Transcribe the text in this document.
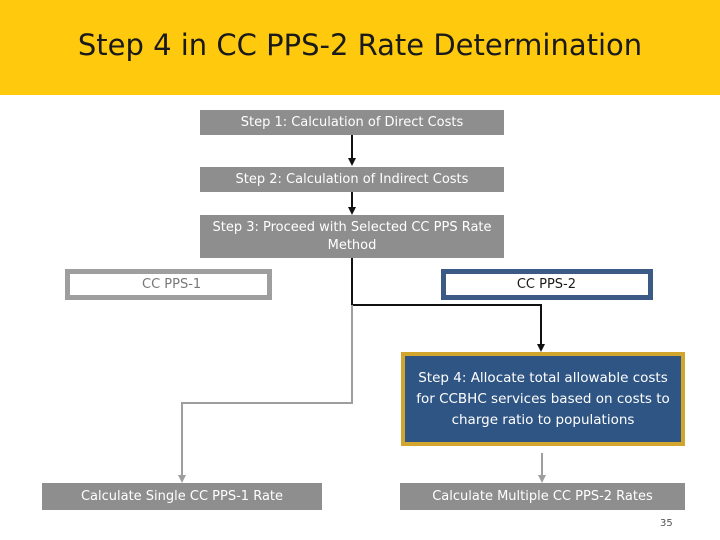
Step 4 in CC PPS-2 Rate Determination
Step 1: Calculation of Direct Costs
Step 2: Calculation of Indirect Costs
Step 3: Proceed with Selected CC PPS Rate Method
CC PPS-1	CC PPS-2
Step 4: Allocate total allowable costs for CCBHC services based on costs to charge ratio to populations
Calculate Single CC PPS-1 Rate	Calculate Multiple CC PPS-2 Rates
35
